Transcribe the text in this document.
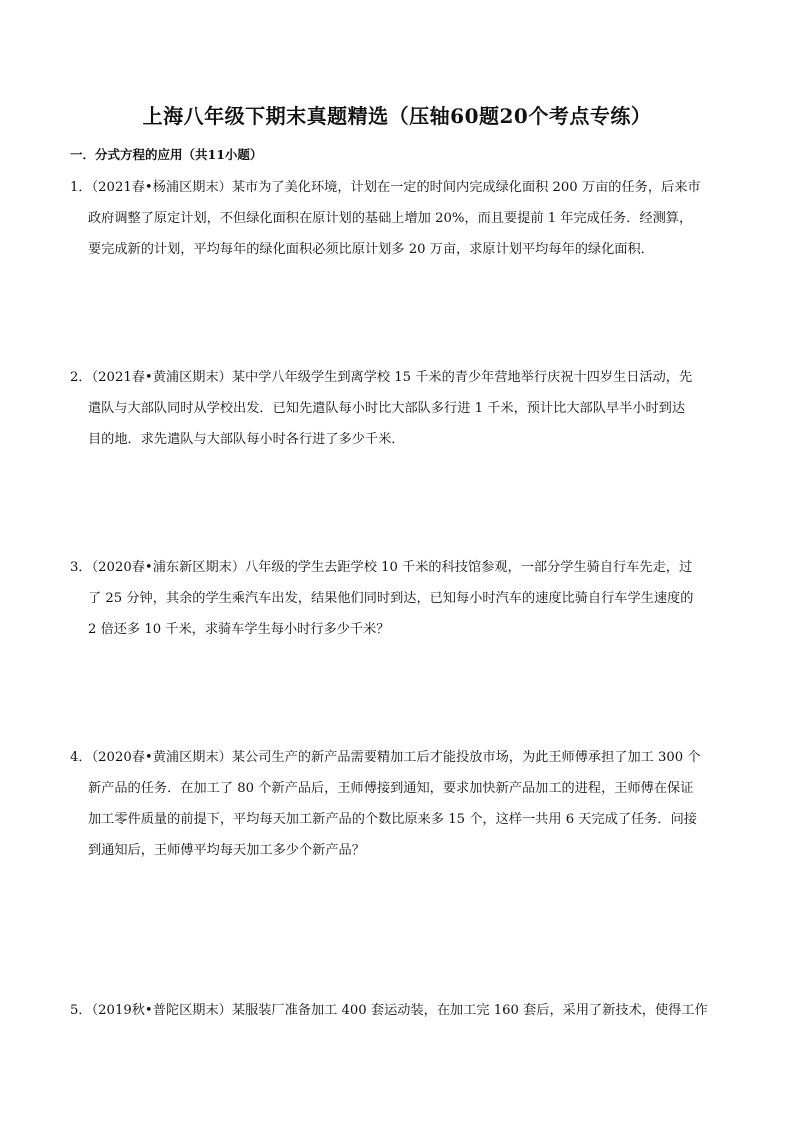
上海八年级下期末真题精选（压轴60题20个考点专练）
一．分式方程的应用（共11小题）
1．（2021春•杨浦区期末）某市为了美化环境，计划在一定的时间内完成绿化面积 200 万亩的任务，后来市
政府调整了原定计划，不但绿化面积在原计划的基础上增加 20%，而且要提前 1 年完成任务．经测算，
要完成新的计划，平均每年的绿化面积必须比原计划多 20 万亩，求原计划平均每年的绿化面积．
2．（2021春•黄浦区期末）某中学八年级学生到离学校 15 千米的青少年营地举行庆祝十四岁生日活动，先
遣队与大部队同时从学校出发．已知先遣队每小时比大部队多行进 1 千米，预计比大部队早半小时到达
目的地．求先遣队与大部队每小时各行进了多少千米．
3．（2020春•浦东新区期末）八年级的学生去距学校 10 千米的科技馆参观，一部分学生骑自行车先走，过
了 25 分钟，其余的学生乘汽车出发，结果他们同时到达，已知每小时汽车的速度比骑自行车学生速度的
2 倍还多 10 千米，求骑车学生每小时行多少千米？
4．（2020春•黄浦区期末）某公司生产的新产品需要精加工后才能投放市场，为此王师傅承担了加工 300 个
新产品的任务．在加工了 80 个新产品后，王师傅接到通知，要求加快新产品加工的进程，王师傅在保证
加工零件质量的前提下，平均每天加工新产品的个数比原来多 15 个，这样一共用 6 天完成了任务．问接
到通知后，王师傅平均每天加工多少个新产品？
5．（2019秋•普陀区期末）某服装厂准备加工 400 套运动装，在加工完 160 套后，采用了新技术，使得工作
